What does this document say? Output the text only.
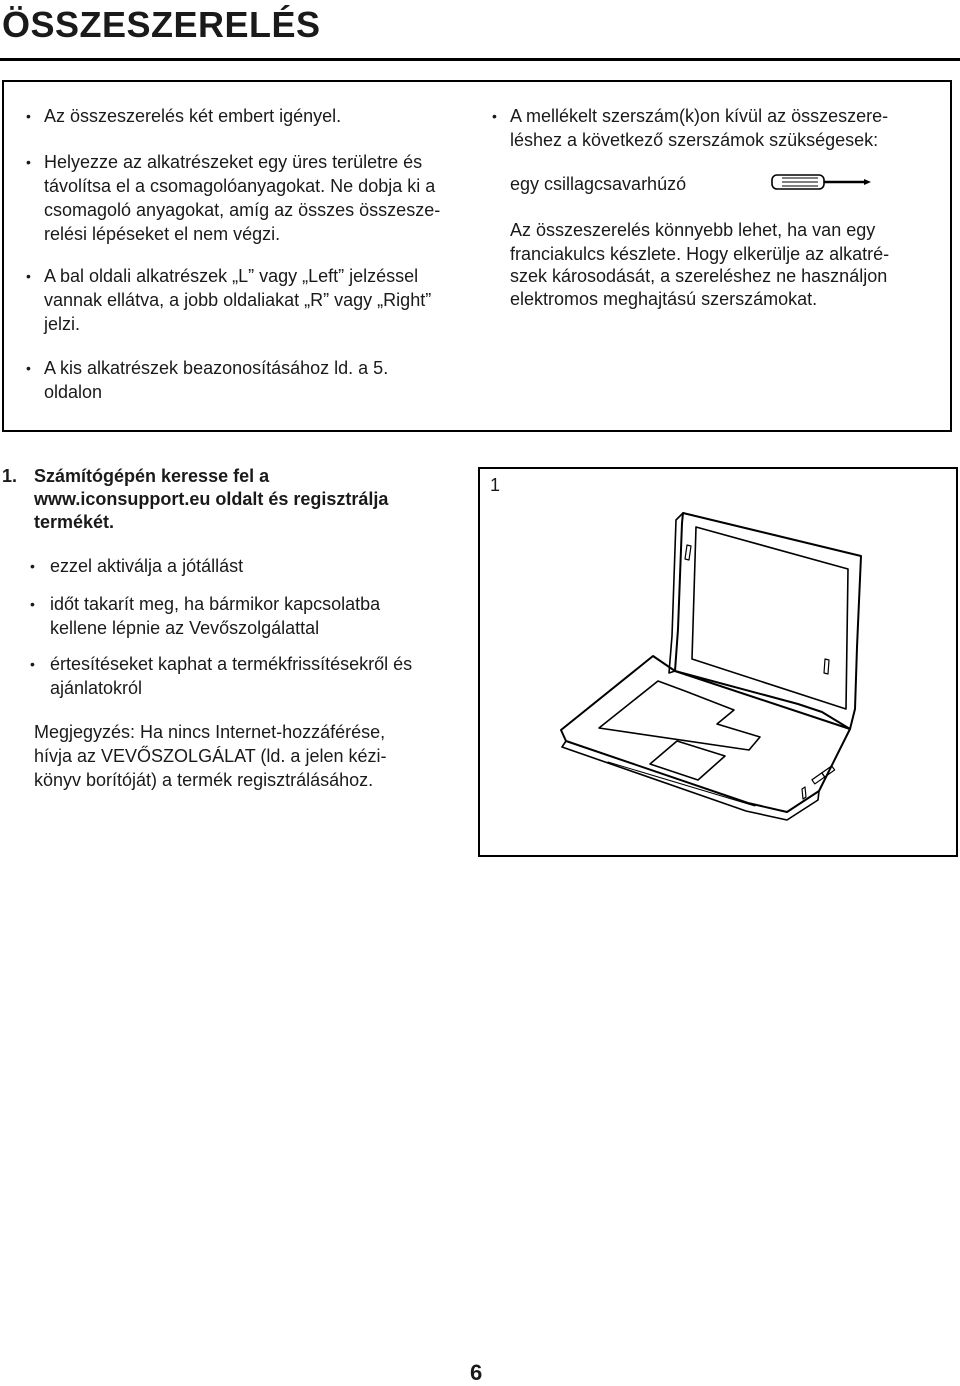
ÖSSZESZERELÉS
• Az összeszerelés két embert igényel.
• Helyezze az alkatrészeket egy üres területre és
távolítsa el a csomagolóanyagokat. Ne dobja ki a
csomagoló anyagokat, amíg az összes összesze-
relési lépéseket el nem végzi.
• A bal oldali alkatrészek „L” vagy „Left” jelzéssel
vannak ellátva, a jobb oldaliakat „R” vagy „Right”
jelzi.
• A kis alkatrészek beazonosításához ld. a 5.
oldalon
• A mellékelt szerszám(k)on kívül az összeszere-
léshez a következő szerszámok szükségesek:
egy csillagcsavarhúzó
Az összeszerelés könnyebb lehet, ha van egy
franciakulcs készlete. Hogy elkerülje az alkatré-
szek károsodását, a szereléshez ne használjon
elektromos meghajtású szerszámokat.
1. Számítógépén keresse fel a
www.iconsupport.eu oldalt és regisztrálja
termékét.
• ezzel aktiválja a jótállást
• időt takarít meg, ha bármikor kapcsolatba
kellene lépnie az Vevőszolgálattal
• értesítéseket kaphat a termékfrissítésekről és
ajánlatokról
Megjegyzés: Ha nincs Internet-hozzáférése,
hívja az VEVŐSZOLGÁLAT (ld. a jelen kézi-
könyv borítóját) a termék regisztrálásához.
1
6
